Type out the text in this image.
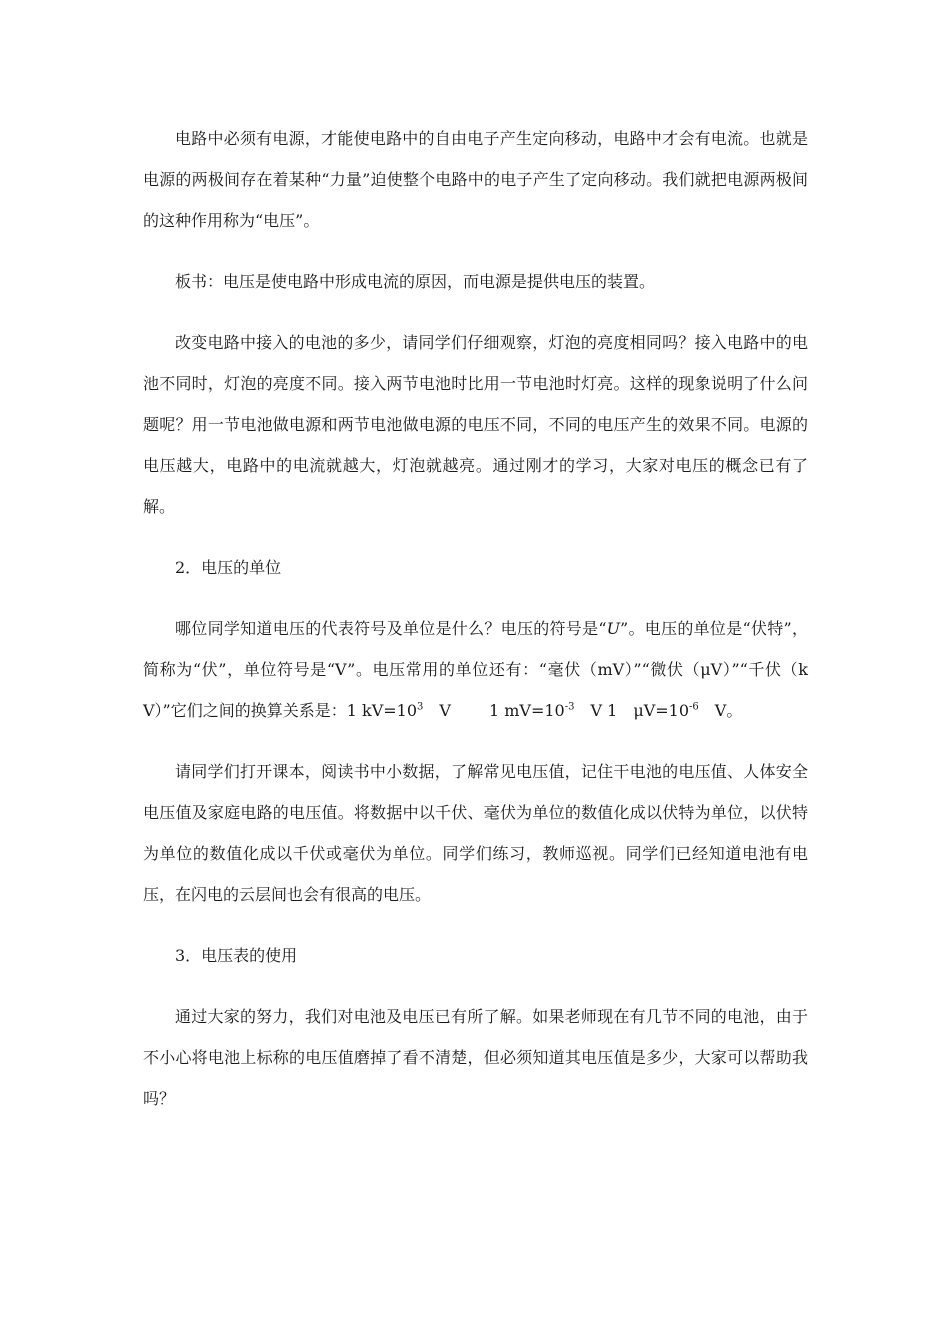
电路中必须有电源，才能使电路中的自由电子产生定向移动，电路中才会有电流。也就是电源的两极间存在着某种“力量”迫使整个电路中的电子产生了定向移动。我们就把电源两极间的这种作用称为“电压”。

板书：电压是使电路中形成电流的原因，而电源是提供电压的装置。

改变电路中接入的电池的多少，请同学们仔细观察，灯泡的亮度相同吗？接入电路中的电池不同时，灯泡的亮度不同。接入两节电池时比用一节电池时灯亮。这样的现象说明了什么问题呢？用一节电池做电源和两节电池做电源的电压不同，不同的电压产生的效果不同。电源的电压越大，电路中的电流就越大，灯泡就越亮。通过刚才的学习，大家对电压的概念已有了解。

2．电压的单位

哪位同学知道电压的代表符号及单位是什么？电压的符号是“U”。电压的单位是“伏特”，简称为“伏”，单位符号是“V”。电压常用的单位还有：“毫伏（mV）”“微伏（μV）”“千伏（kV）”它们之间的换算关系是：1 $kV=10^3$ V 1 $mV=10^{-3}$ V 1　$\mu V=10^{-6}$ V。

请同学们打开课本，阅读书中小数据，了解常见电压值，记住干电池的电压值、人体安全电压值及家庭电路的电压值。将数据中以千伏、毫伏为单位的数值化成以伏特为单位，以伏特为单位的数值化成以千伏或毫伏为单位。同学们练习，教师巡视。同学们已经知道电池有电压，在闪电的云层间也会有很高的电压。

3．电压表的使用

通过大家的努力，我们对电池及电压已有所了解。如果老师现在有几节不同的电池，由于不小心将电池上标称的电压值磨掉了看不清楚，但必须知道其电压值是多少，大家可以帮助我吗？
